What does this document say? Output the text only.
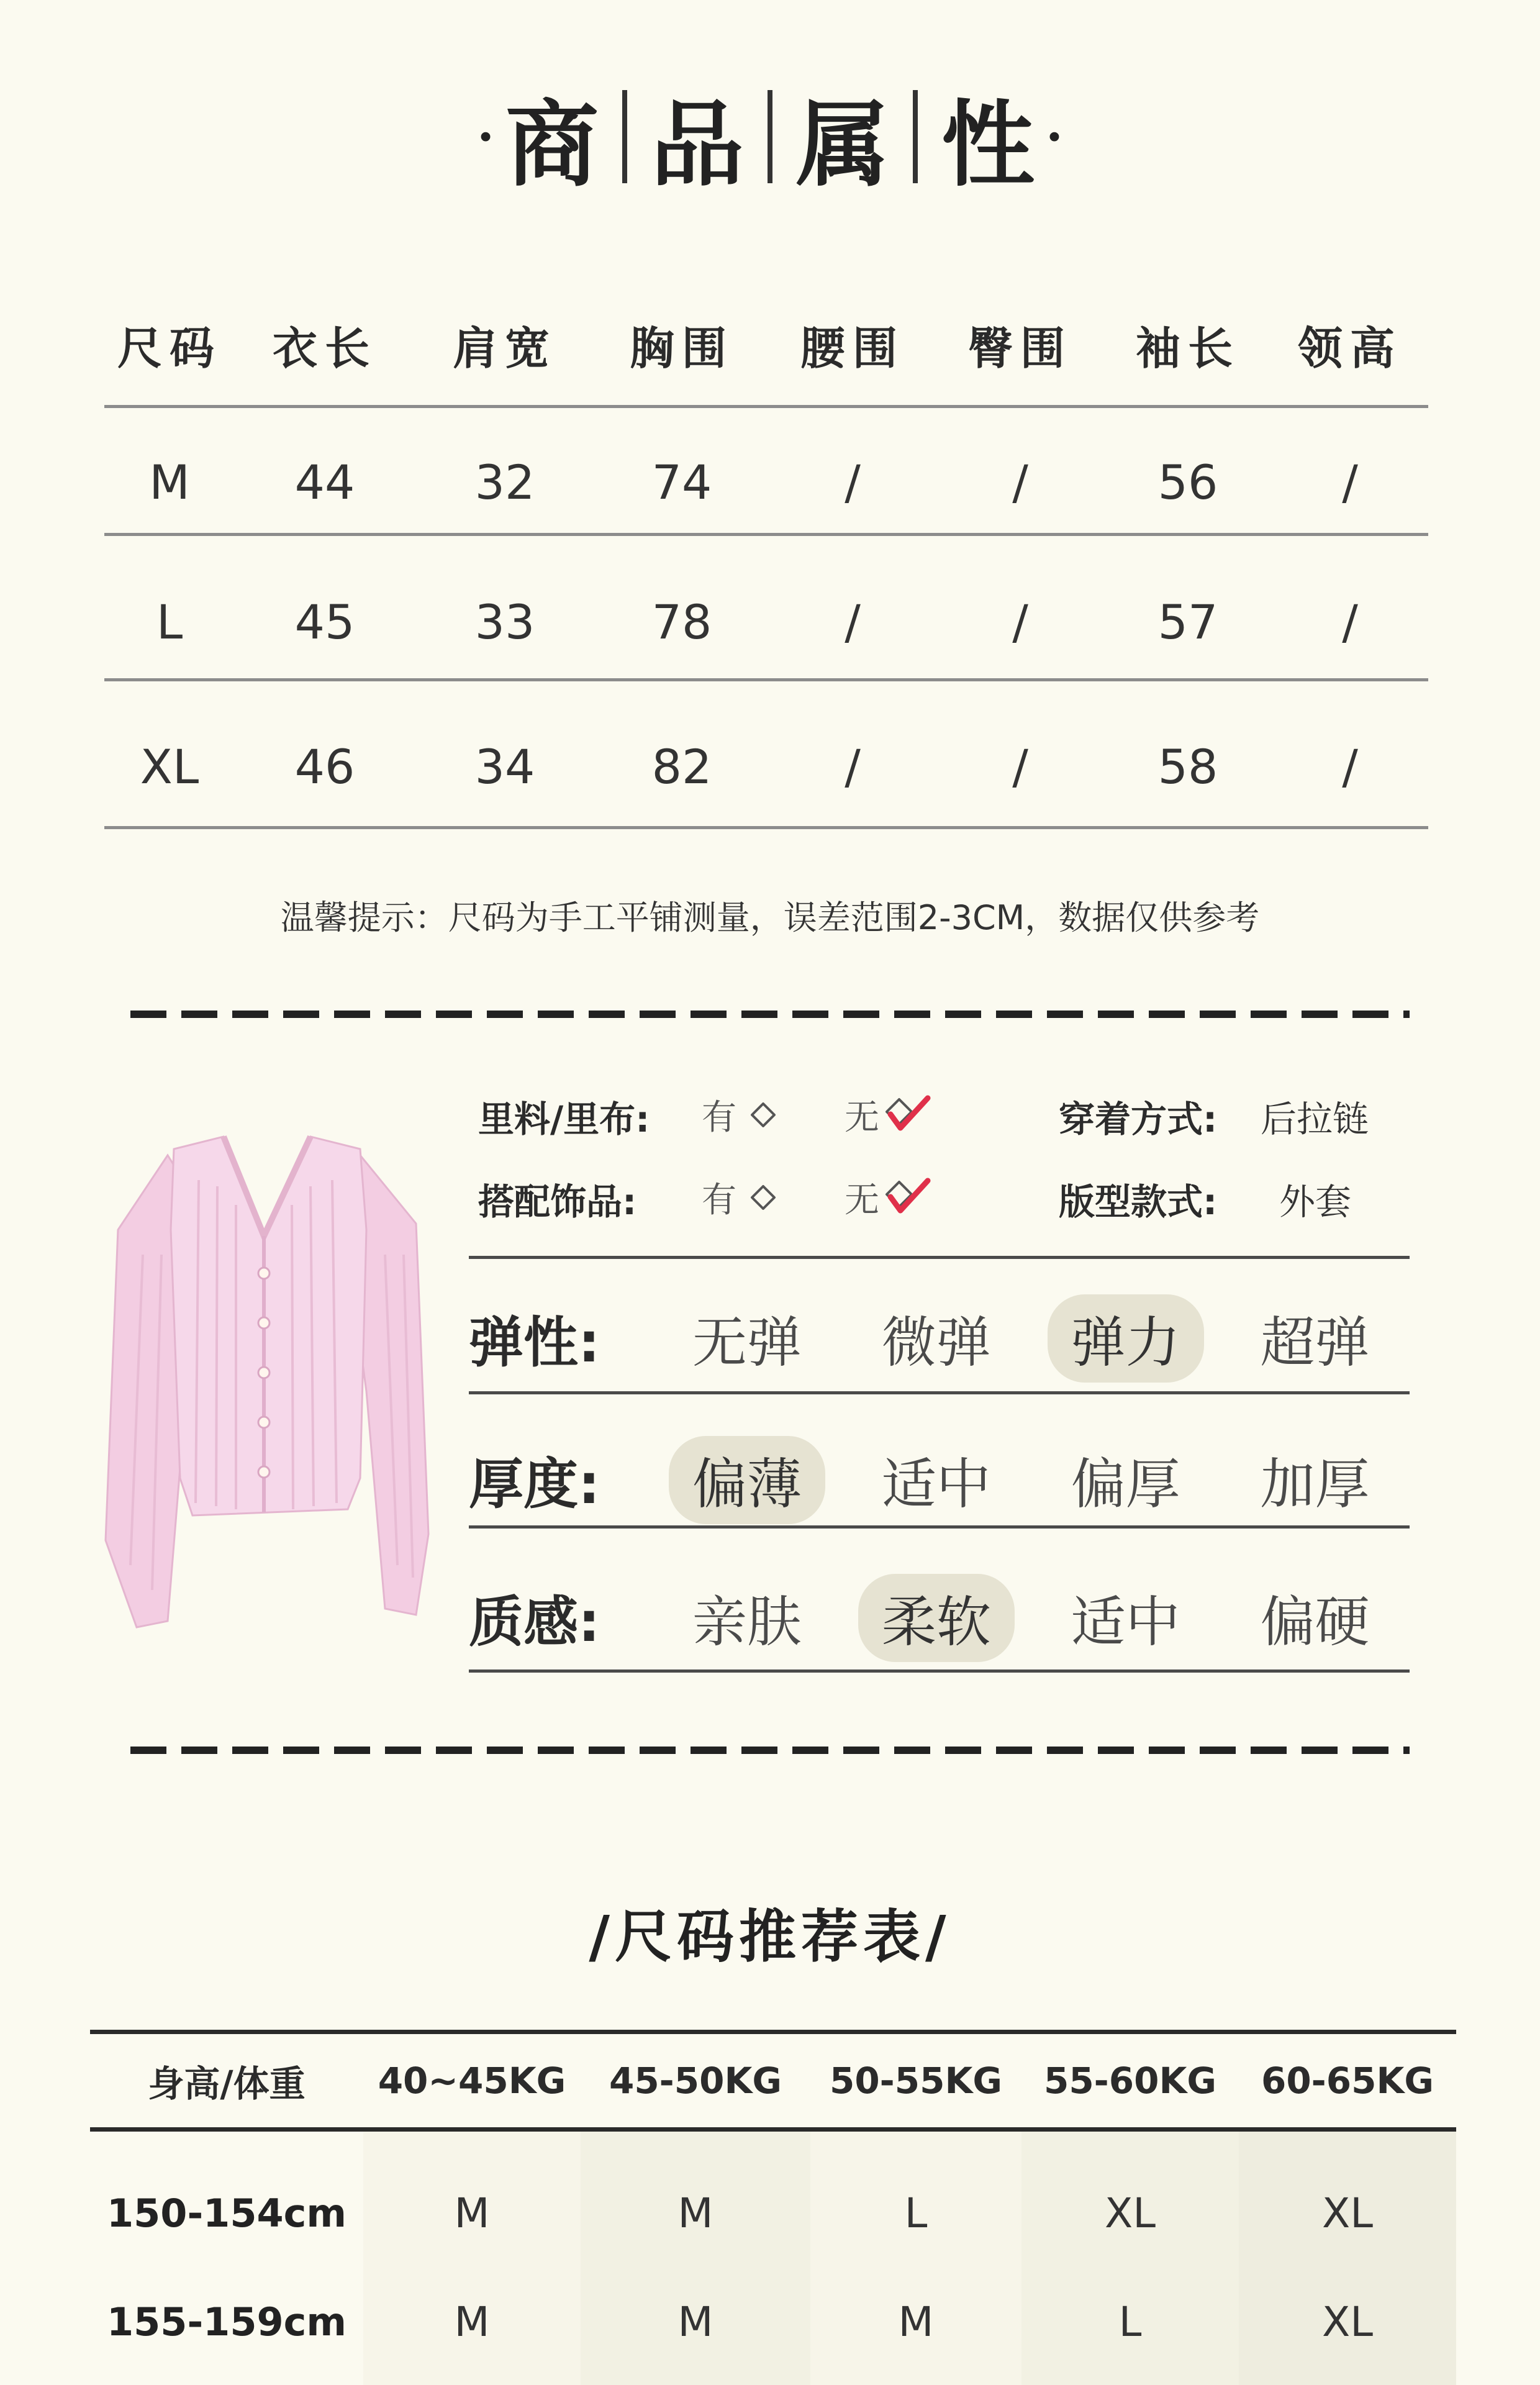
· 商 品 属 性 ·
尺码 衣长 肩宽 胸围 腰围 臀围 袖长 领高
M 44	32 74	/	/	56	/
L 45	33 78	/	/	57	/
XL 46	34 82	/	/	58	/
温馨提示：尺码为手工平铺测量，误差范围2-3CM，数据仅供参考
里料/里布: 有	无	穿着方式: 后拉链
搭配饰品: 有	无	版型款式: 外套
弹性:	无弹	微弹	弹力	超弹
厚度:	偏薄	适中	偏厚	加厚
质感:	亲肤	柔软	适中	偏硬
/尺码推荐表/
身高/体重 40~45KG 45-50KG 50-55KG 55-60KG 60-65KG
150-154cm	M	M	L	XL	XL
155-159cm	M	M	M	L	XL
